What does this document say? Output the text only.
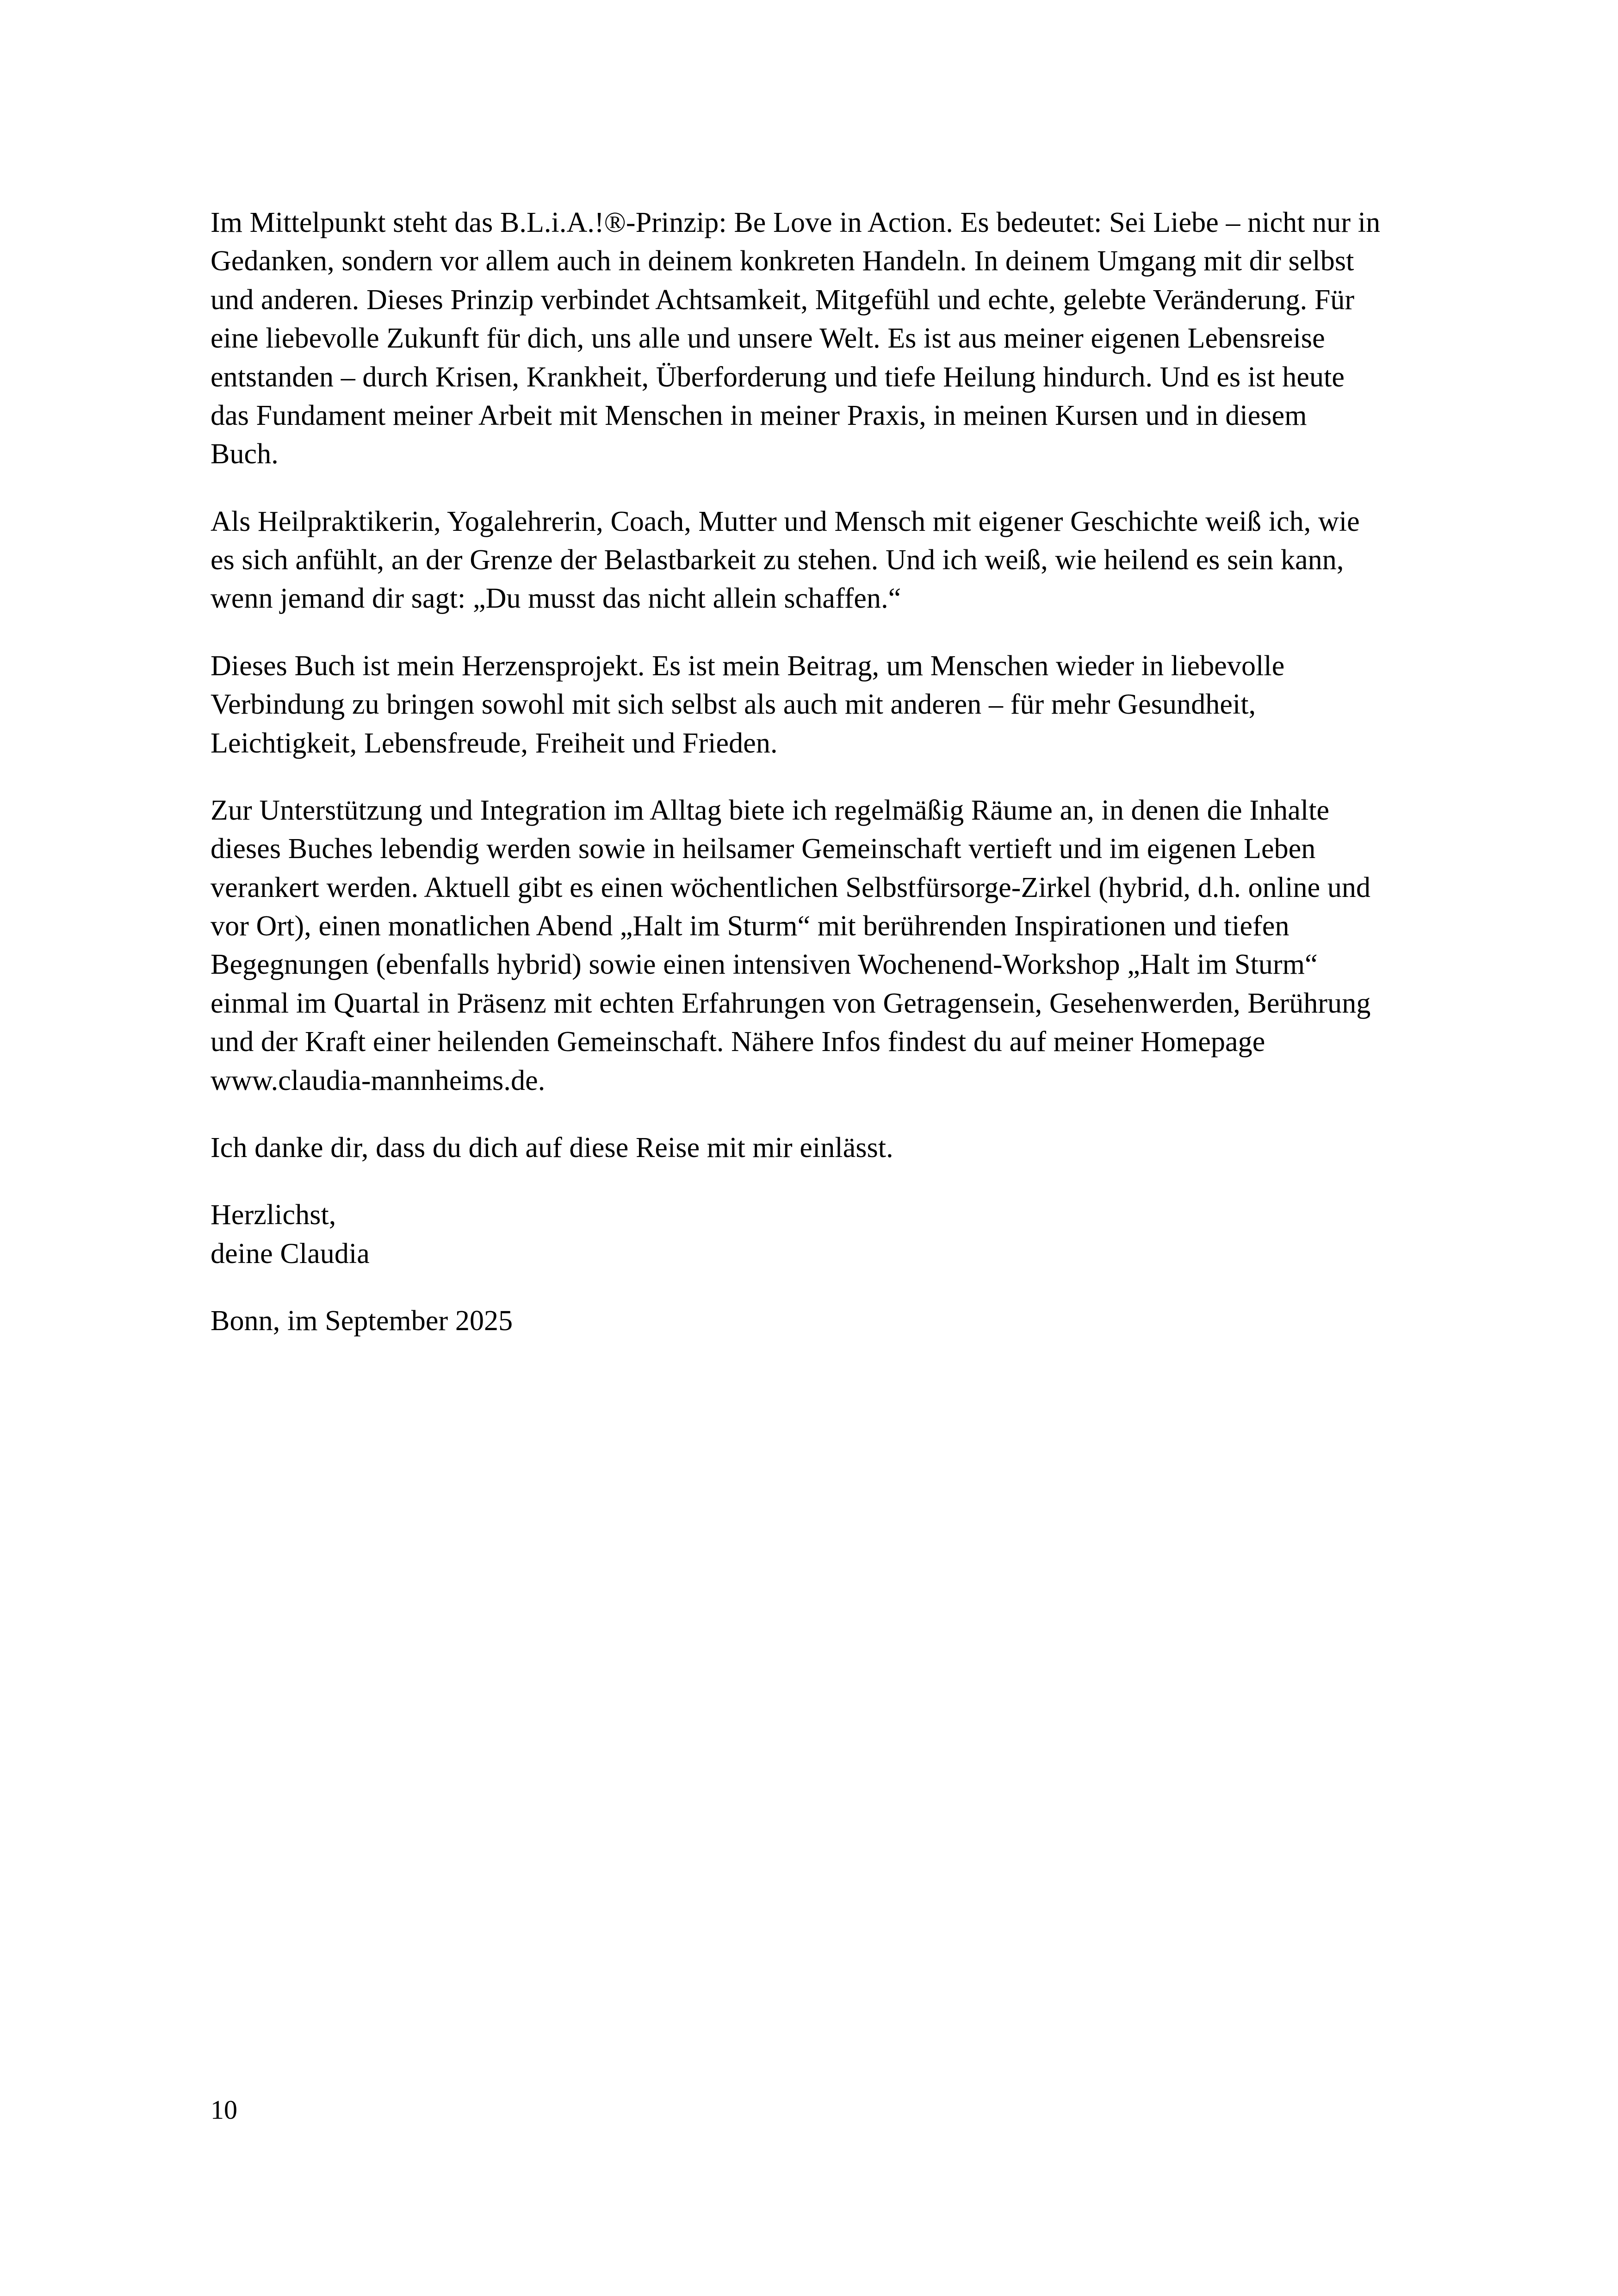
Im Mittelpunkt steht das B.L.i.A.!®-Prinzip: Be Love in Action. Es bedeutet: Sei Liebe – nicht nur in Gedanken, sondern vor allem auch in deinem konkreten Handeln. In deinem Umgang mit dir selbst und anderen. Dieses Prinzip verbindet Achtsamkeit, Mitgefühl und echte, gelebte Veränderung. Für eine liebevolle Zukunft für dich, uns alle und unsere Welt. Es ist aus meiner eigenen Lebensreise entstanden – durch Krisen, Krankheit, Überforderung und tiefe Heilung hindurch. Und es ist heute das Fundament meiner Arbeit mit Menschen in meiner Praxis, in meinen Kursen und in diesem Buch.

Als Heilpraktikerin, Yogalehrerin, Coach, Mutter und Mensch mit eigener Geschichte weiß ich, wie es sich anfühlt, an der Grenze der Belastbarkeit zu stehen. Und ich weiß, wie heilend es sein kann, wenn jemand dir sagt: „Du musst das nicht allein schaffen.“

Dieses Buch ist mein Herzensprojekt. Es ist mein Beitrag, um Menschen wieder in liebevolle Verbindung zu bringen sowohl mit sich selbst als auch mit anderen – für mehr Gesundheit, Leichtigkeit, Lebensfreude, Freiheit und Frieden.

Zur Unterstützung und Integration im Alltag biete ich regelmäßig Räume an, in denen die Inhalte dieses Buches lebendig werden sowie in heilsamer Gemeinschaft vertieft und im eigenen Leben verankert werden. Aktuell gibt es einen wöchentlichen Selbstfürsorge-Zirkel (hybrid, d.h. online und vor Ort), einen monatlichen Abend „Halt im Sturm“ mit berührenden Inspirationen und tiefen Begegnungen (ebenfalls hybrid) sowie einen intensiven Wochenend-Workshop „Halt im Sturm“ einmal im Quartal in Präsenz mit echten Erfahrungen von Getragensein, Gesehenwerden, Berührung und der Kraft einer heilenden Gemeinschaft. Nähere Infos findest du auf meiner Homepage www.claudia-mannheims.de.

Ich danke dir, dass du dich auf diese Reise mit mir einlässt.

Herzlichst,

deine Claudia

Bonn, im September 2025

10
